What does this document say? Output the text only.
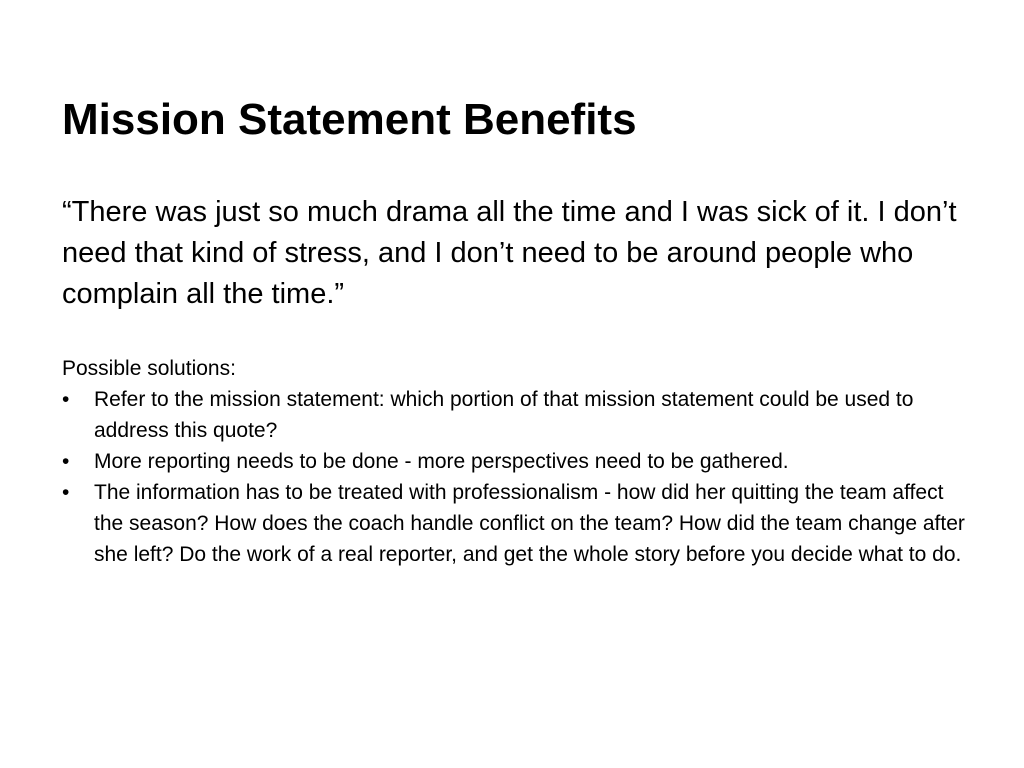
Mission Statement Benefits

“There was just so much drama all the time and I was sick of it. I don’t need that kind of stress, and I don’t need to be around people who complain all the time.”

Possible solutions:

•	Refer to the mission statement: which portion of that mission statement could be used to address this quote?
•	More reporting needs to be done - more perspectives need to be gathered.
•	The information has to be treated with professionalism - how did her quitting the team affect the season? How does the coach handle conflict on the team? How did the team change after she left? Do the work of a real reporter, and get the whole story before you decide what to do.
